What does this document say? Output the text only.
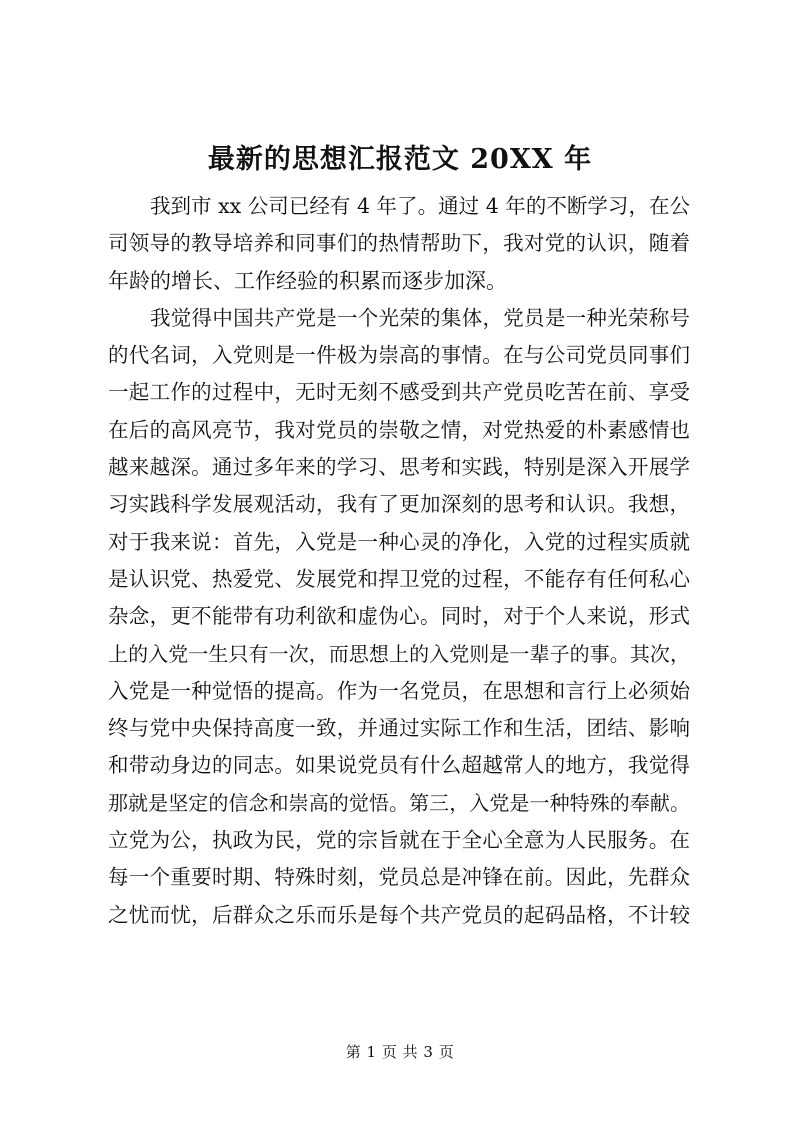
最新的思想汇报范文 20XX 年
我到市 xx 公司已经有 4 年了。通过 4 年的不断学习，在公
司领导的教导培养和同事们的热情帮助下，我对党的认识，随着
年龄的增长、工作经验的积累而逐步加深。
我觉得中国共产党是一个光荣的集体，党员是一种光荣称号
的代名词，入党则是一件极为崇高的事情。在与公司党员同事们
一起工作的过程中，无时无刻不感受到共产党员吃苦在前、享受
在后的高风亮节，我对党员的崇敬之情，对党热爱的朴素感情也
越来越深。通过多年来的学习、思考和实践，特别是深入开展学
习实践科学发展观活动，我有了更加深刻的思考和认识。我想，
对于我来说：首先，入党是一种心灵的净化，入党的过程实质就
是认识党、热爱党、发展党和捍卫党的过程，不能存有任何私心
杂念，更不能带有功利欲和虚伪心。同时，对于个人来说，形式
上的入党一生只有一次，而思想上的入党则是一辈子的事。其次，
入党是一种觉悟的提高。作为一名党员，在思想和言行上必须始
终与党中央保持高度一致，并通过实际工作和生活，团结、影响
和带动身边的同志。如果说党员有什么超越常人的地方，我觉得
那就是坚定的信念和崇高的觉悟。第三，入党是一种特殊的奉献。
立党为公，执政为民，党的宗旨就在于全心全意为人民服务。在
每一个重要时期、特殊时刻，党员总是冲锋在前。因此，先群众
之忧而忧，后群众之乐而乐是每个共产党员的起码品格，不计较
第 1 页 共 3 页
